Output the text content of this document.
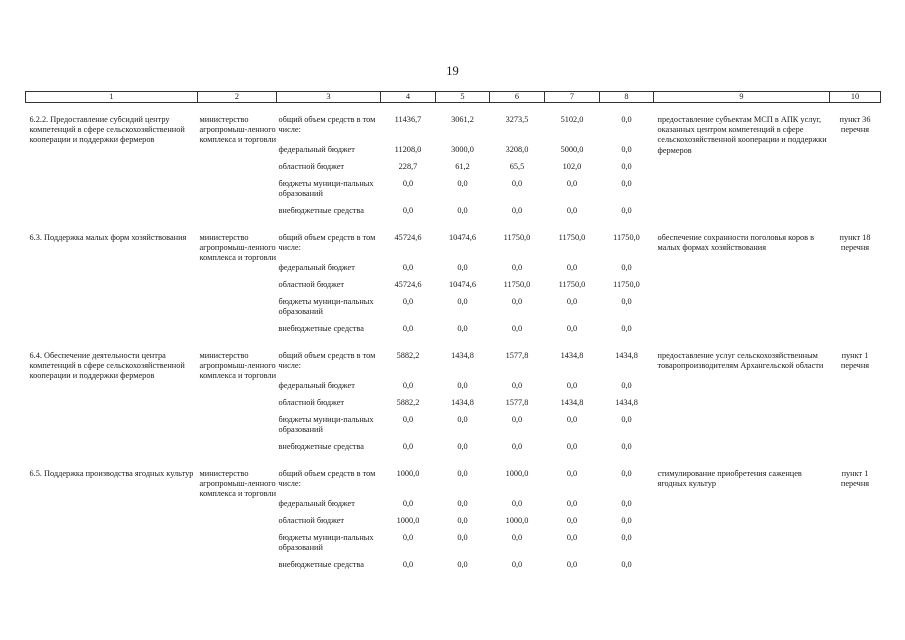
19
1	2	3	4	5	6	7	8	9	10

6.2.2. Предоставление субсидий центру компетенций в сфере сельскохозяйственной кооперации и поддержки фермеров	министерство агропромыш-ленного комплекса и торговли	общий объем средств в том числе:	11436,7	3061,2	3273,5	5102,0	0,0	предоставление субъектам МСП в АПК услуг, оказанных центром компетенций в сфере сельскохозяйственной кооперации и поддержки фермеров	пункт 36 перечня
		федеральный бюджет	11208,0	3000,0	3208,0	5000,0	0,0		
		областной бюджет	228,7	61,2	65,5	102,0	0,0		
		бюджеты муници-пальных образований	0,0	0,0	0,0	0,0	0,0		
		внебюджетные средства	0,0	0,0	0,0	0,0	0,0		

6.3. Поддержка малых форм хозяйствования	министерство агропромыш-ленного комплекса и торговли	общий объем средств в том числе:	45724,6	10474,6	11750,0	11750,0	11750,0	обеспечение сохранности поголовья коров в малых формах хозяйствования	пункт 18 перечня
		федеральный бюджет	0,0	0,0	0,0	0,0	0,0		
		областной бюджет	45724,6	10474,6	11750,0	11750,0	11750,0		
		бюджеты муници-пальных образований	0,0	0,0	0,0	0,0	0,0		
		внебюджетные средства	0,0	0,0	0,0	0,0	0,0		

6.4. Обеспечение деятельности центра компетенций в сфере сельскохозяйственной кооперации и поддержки фермеров	министерство агропромыш-ленного комплекса и торговли	общий объем средств в том числе:	5882,2	1434,8	1577,8	1434,8	1434,8	предоставление услуг сельскохозяйственным товаропроизводителям Архангельской области	пункт 1 перечня
		федеральный бюджет	0,0	0,0	0,0	0,0	0,0		
		областной бюджет	5882,2	1434,8	1577,8	1434,8	1434,8		
		бюджеты муници-пальных образований	0,0	0,0	0,0	0,0	0,0		
		внебюджетные средства	0,0	0,0	0,0	0,0	0,0		

6.5. Поддержка производства ягодных культур	министерство агропромыш-ленного комплекса и торговли	общий объем средств в том числе:	1000,0	0,0	1000,0	0,0	0,0	стимулирование приобретения саженцев ягодных культур	пункт 1 перечня
		федеральный бюджет	0,0	0,0	0,0	0,0	0,0		
		областной бюджет	1000,0	0,0	1000,0	0,0	0,0		
		бюджеты муници-пальных образований	0,0	0,0	0,0	0,0	0,0		
		внебюджетные средства	0,0	0,0	0,0	0,0	0,0		
